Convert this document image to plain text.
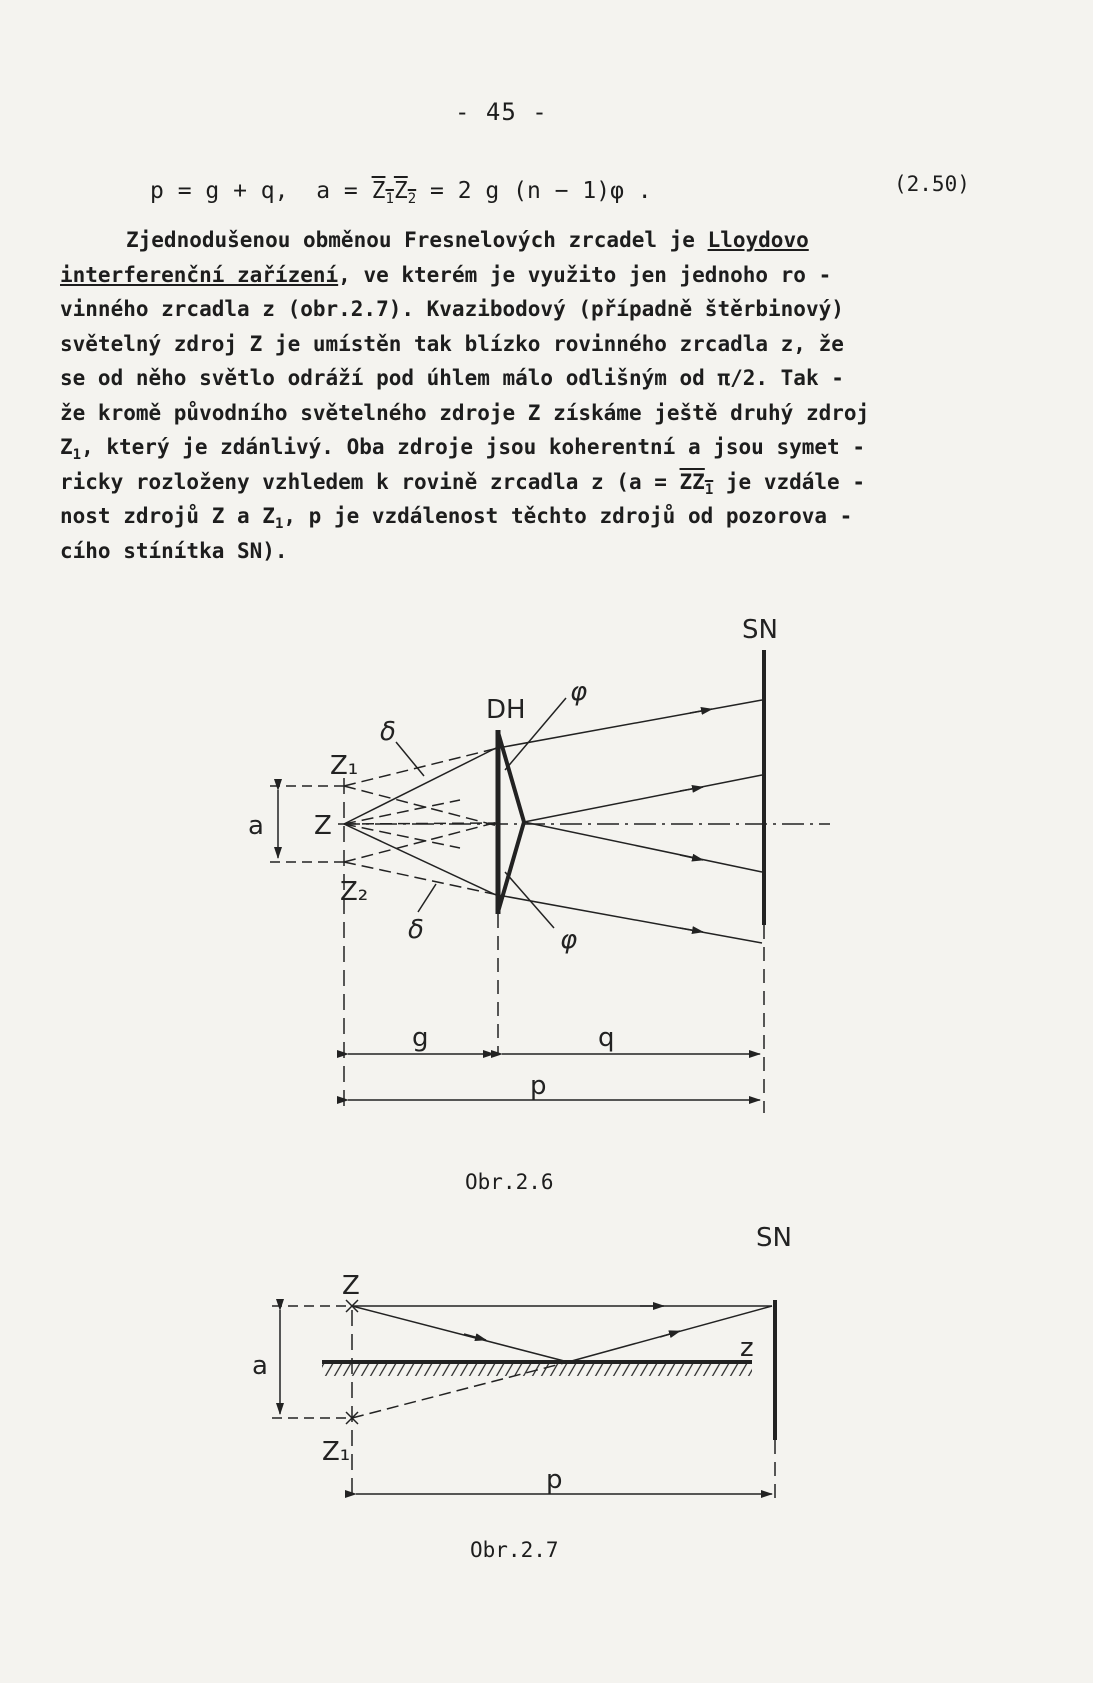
- 45 -
p = g + q, $a = Z_1Z_2 = 2$ g (n − 1)φ .	(2.50)
Zjednodušenou obměnou Fresnelových zrcadel je Lloydovo
interferenční zařízení, ve kterém je využito jen jednoho ro -
vinného zrcadla z (obr.2.7). Kvazibodový (případně štěrbinový)
světelný zdroj Z je umístěn tak blízko rovinného zrcadla z, že
se od něho světlo odráží pod úhlem málo odlišným od π/2. Tak -
že kromě původního světelného zdroje Z získáme ještě druhý zdroj
$Z_1$, který je zdánlivý. Oba zdroje jsou koherentní a jsou symet -
ricky rozloženy vzhledem k rovině zrcadla z ($a = ZZ_1$ je vzdále -
nost zdrojů Z a $Z_1$, p je vzdálenost těchto zdrojů od pozorova -
cího stínítka SN).
SN
DH
φ
φ
δ
δ
Z₁
Z
Z₂
a
g	q
p
Obr.2.6
SN
Z
Z₁
z
a
p
Obr.2.7
